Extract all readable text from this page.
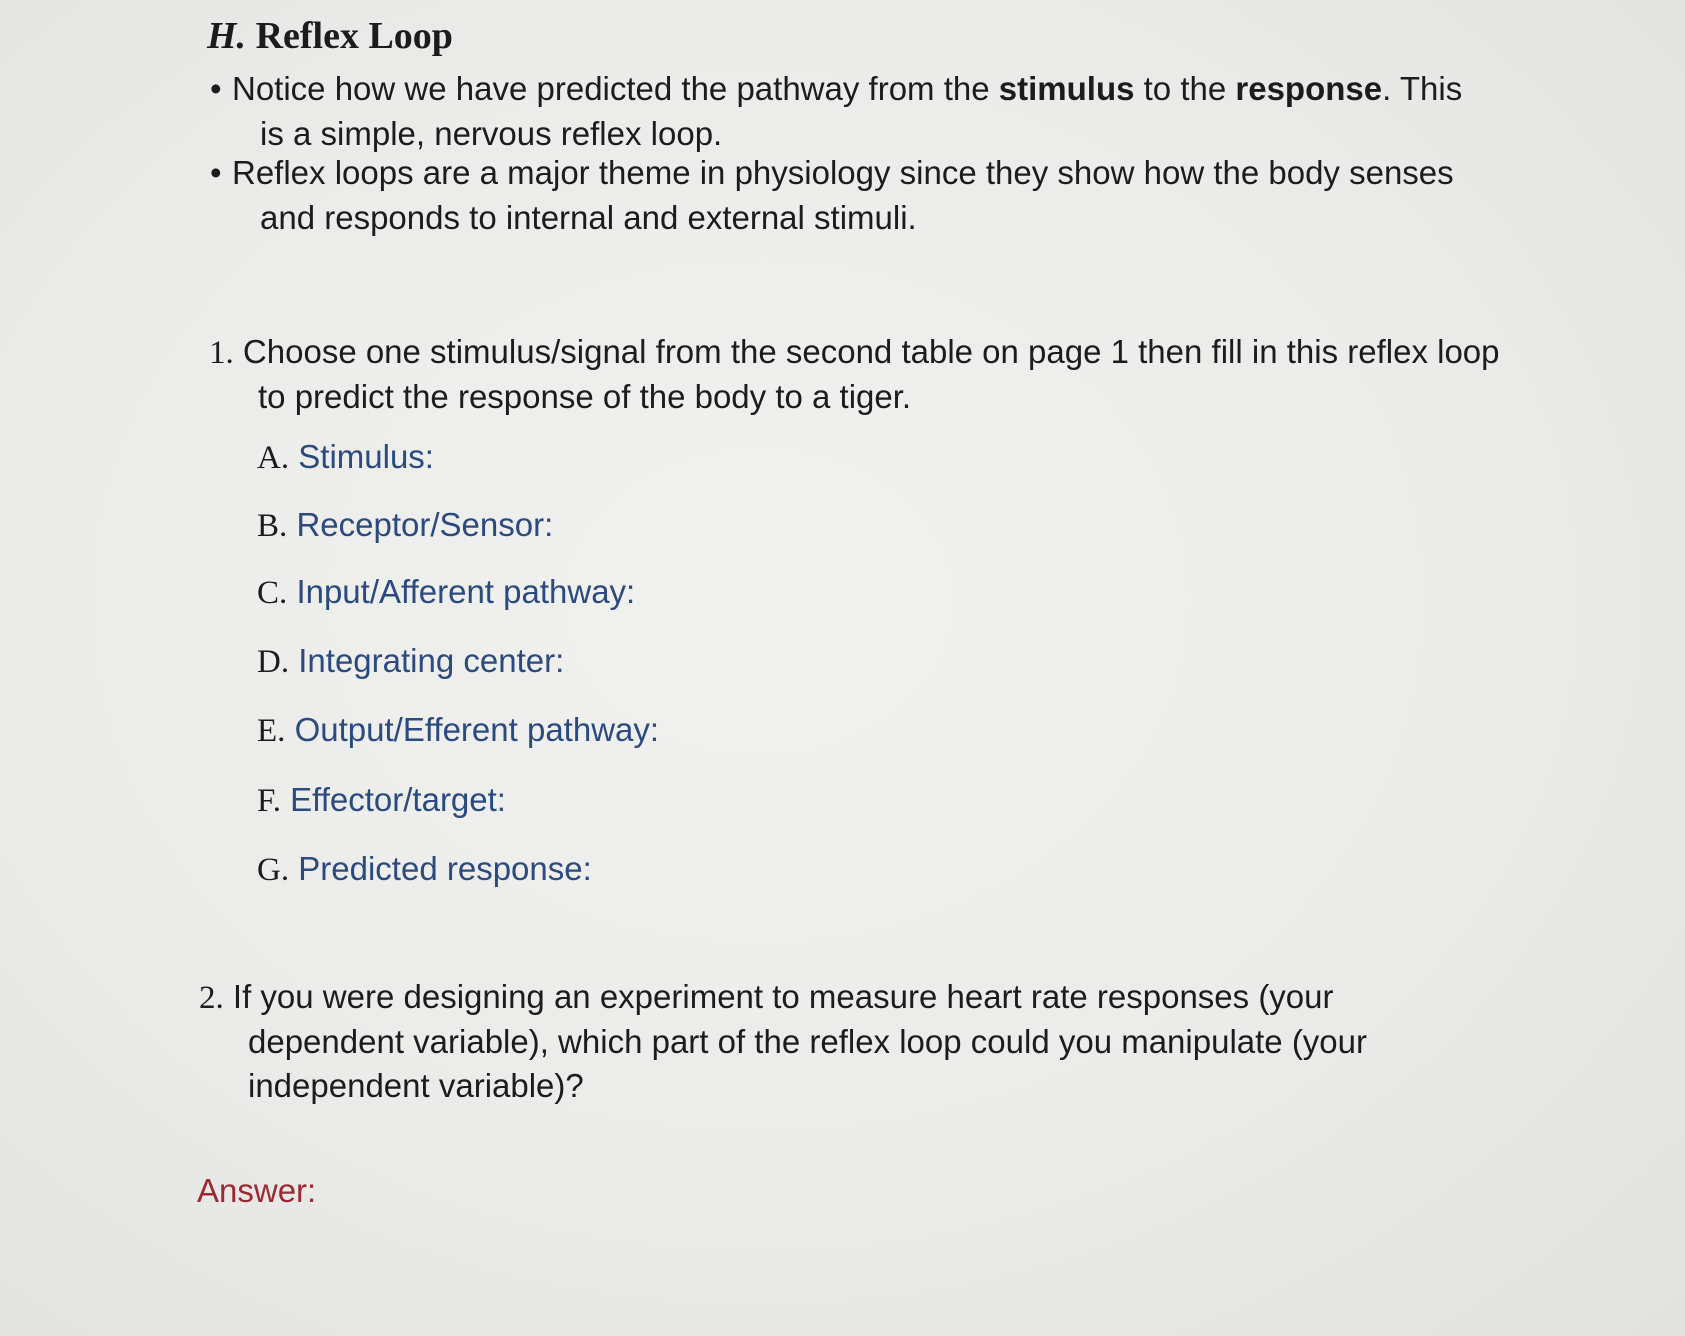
H. Reflex Loop
• Notice how we have predicted the pathway from the stimulus to the response. This
is a simple, nervous reflex loop.
• Reflex loops are a major theme in physiology since they show how the body senses
and responds to internal and external stimuli.
1. Choose one stimulus/signal from the second table on page 1 then fill in this reflex loop
to predict the response of the body to a tiger.
A. Stimulus:
B. Receptor/Sensor:
C. Input/Afferent pathway:
D. Integrating center:
E. Output/Efferent pathway:
F. Effector/target:
G. Predicted response:
2. If you were designing an experiment to measure heart rate responses (your
dependent variable), which part of the reflex loop could you manipulate (your
independent variable)?
Answer:
